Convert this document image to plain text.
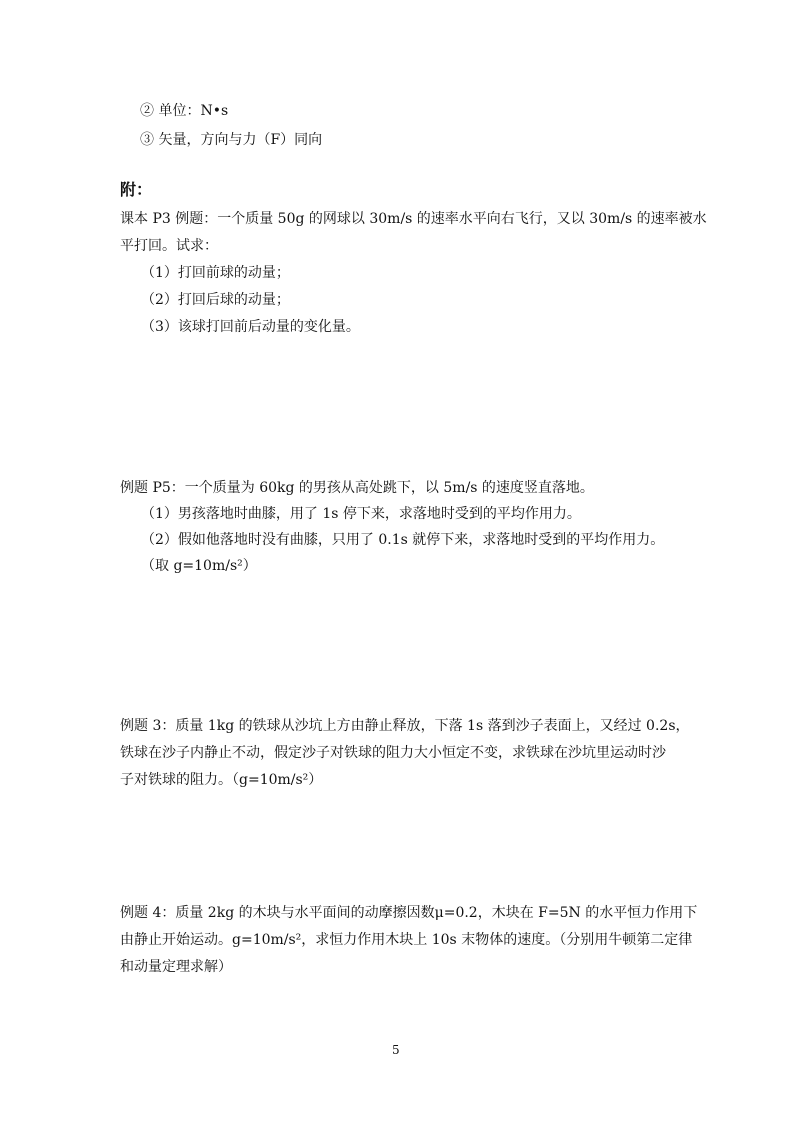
② 单位：N•s
③ 矢量，方向与力（F）同向
附：
课本 P3 例题：一个质量 50g 的网球以 30m/s 的速率水平向右飞行，又以 30m/s 的速率被水
平打回。试求：
（1）打回前球的动量；
（2）打回后球的动量；
（3）该球打回前后动量的变化量。
例题 P5：一个质量为 60kg 的男孩从高处跳下，以 5m/s 的速度竖直落地。
（1）男孩落地时曲膝，用了 1s 停下来，求落地时受到的平均作用力。
（2）假如他落地时没有曲膝，只用了 0.1s 就停下来，求落地时受到的平均作用力。
（取 g=10m/s²）
例题 3：质量 1kg 的铁球从沙坑上方由静止释放，下落 1s 落到沙子表面上，又经过 0.2s，
铁球在沙子内静止不动，假定沙子对铁球的阻力大小恒定不变，求铁球在沙坑里运动时沙
子对铁球的阻力。（g=10m/s²）
例题 4：质量 2kg 的木块与水平面间的动摩擦因数μ=0.2，木块在 F=5N 的水平恒力作用下
由静止开始运动。g=10m/s²，求恒力作用木块上 10s 末物体的速度。（分别用牛顿第二定律
和动量定理求解）
5
